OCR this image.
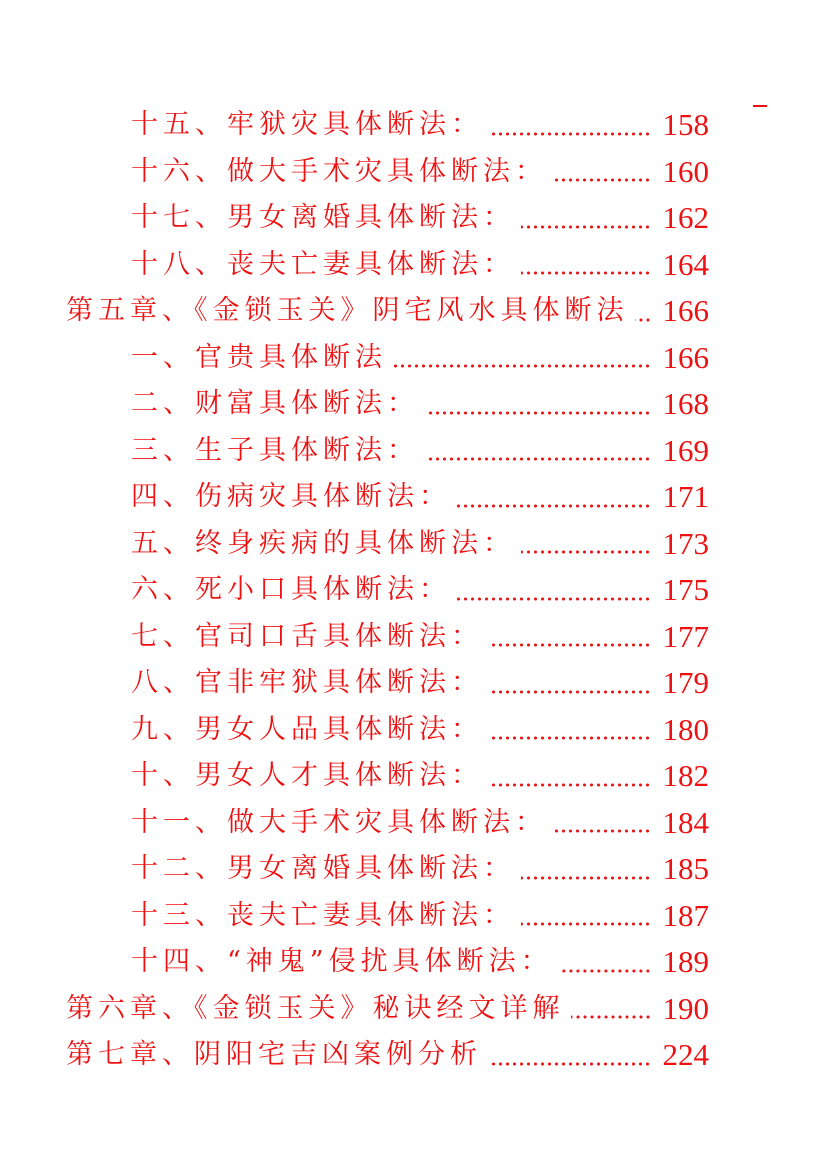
十五、牢狱灾具体断法：	158
十六、做大手术灾具体断法：	160
十七、男女离婚具体断法：	162
十八、丧夫亡妻具体断法：	164
第五章、《金锁玉关》阴宅风水具体断法 166
一、官贵具体断法	166
二、财富具体断法：	168
三、生子具体断法：	169
四、伤病灾具体断法：	171
五、终身疾病的具体断法：	173
六、死小口具体断法：	175
七、官司口舌具体断法：	177
八、官非牢狱具体断法：	179
九、男女人品具体断法：	180
十、男女人才具体断法：	182
十一、做大手术灾具体断法：	184
十二、男女离婚具体断法：	185
十三、丧夫亡妻具体断法：	187
十四、“神鬼”侵扰具体断法：	189
第六章、《金锁玉关》秘诀经文详解	190
第七章、阴阳宅吉凶案例分析	224
